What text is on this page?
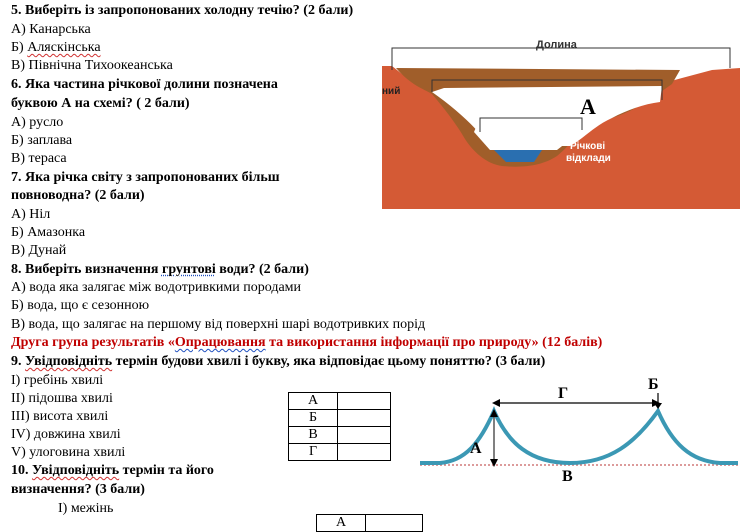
5. Виберіть із запропонованих холодну течію? (2 бали)
А) Канарська
Б) Аляскінська
В) Північна Тихоокеанська
6. Яка частина річкової долини позначена
буквою А на схемі? ( 2 бали)
А) русло
Б) заплава
В) тераса
7. Яка річка світу з запропонованих більш
повноводна? (2 бали)
А) Ніл
Б) Амазонка
В) Дунай
8. Виберіть визначення грунтові води? (2 бали)
А) вода яка залягає між водотривкими породами
Б) вода, що є сезонною
В) вода, що залягає на першому від поверхні шарі водотривких порід
Друга група результатів «Опрацювання та використання інформації про природу» (12 балів)
9. Увідповідніть термін будови хвилі і букву, яка відповідає цьому поняттю? (3 бали)
I) гребінь хвилі
II) підошва хвилі
III) висота хвилі
IV) довжина хвилі
V) улоговина хвилі
А	
Б	
В	
Г	
10. Увідповідніть термін та його
визначення? (3 бали)
I) межінь
А	
Долина
ний
А
Річкові
відклади
Б
Г
А
В
